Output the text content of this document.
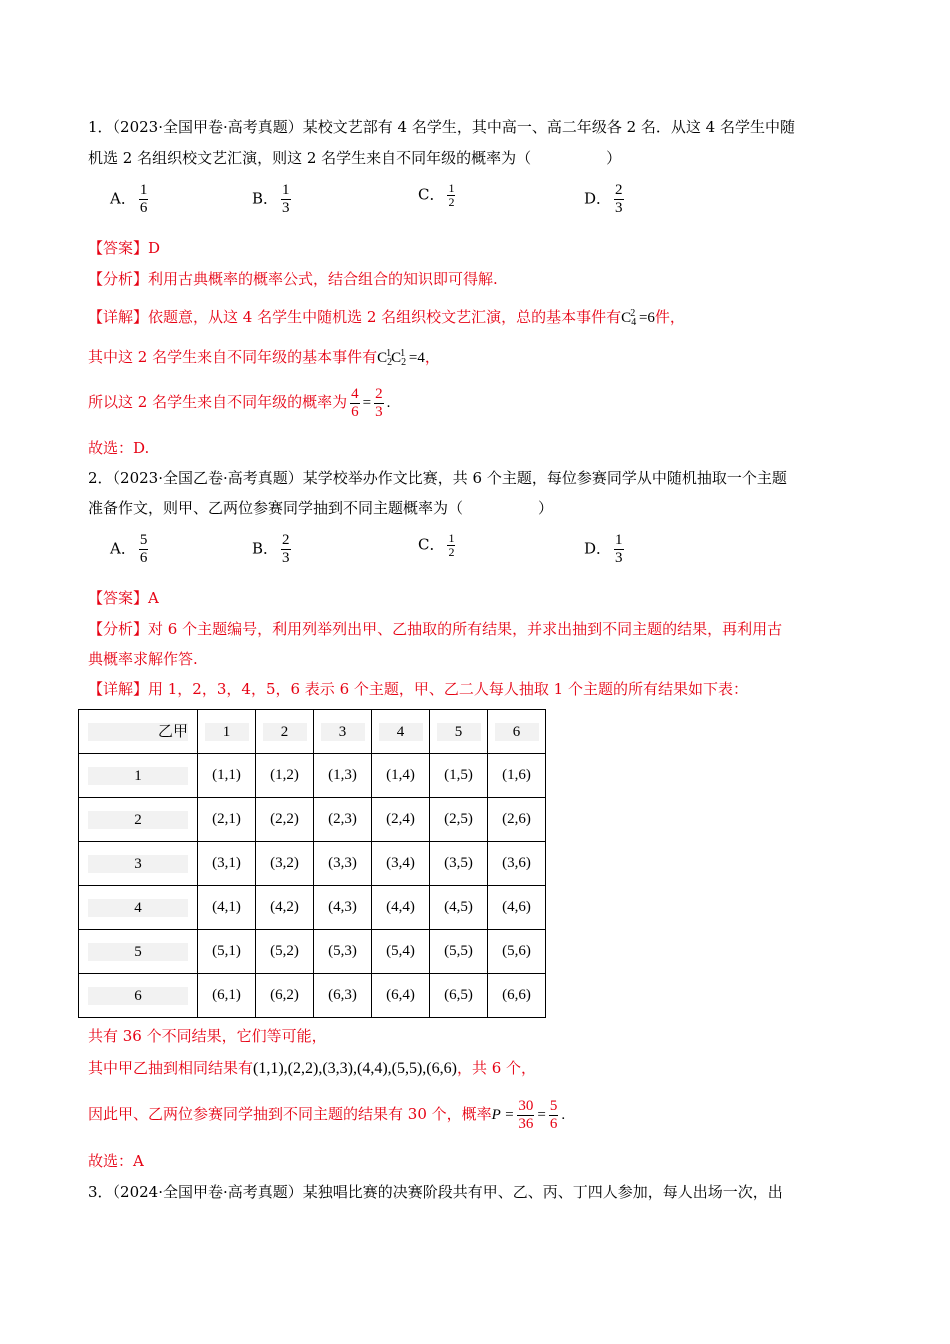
1．（2023·全国甲卷·高考真题）某校文艺部有 4 名学生，其中高一、高二年级各 2 名．从这 4 名学生中随
机选 2 名组织校文艺汇演，则这 2 名学生来自不同年级的概率为（　　　　　）
A． $\frac{1}{6}$	B． $\frac{1}{3}$	C． $\frac{1}{2}$	D． $\frac{2}{3}$
【答案】D
【分析】利用古典概率的概率公式，结合组合的知识即可得解.
【详解】依题意，从这 4 名学生中随机选 2 名组织校文艺汇演，总的基本事件有$C_4^2 =6$件，
其中这 2 名学生来自不同年级的基本事件有$C_2^1C_2^1 =4$，
所以这 2 名学生来自不同年级的概率为 $\frac{4}{6} = \frac{2}{3}$ .
故选：D.
2．（2023·全国乙卷·高考真题）某学校举办作文比赛，共 6 个主题，每位参赛同学从中随机抽取一个主题
准备作文，则甲、乙两位参赛同学抽到不同主题概率为（　　　　　）
A． $\frac{5}{6}$	B． $\frac{2}{3}$	C． $\frac{1}{2}$	D． $\frac{1}{3}$
【答案】A
【分析】对 6 个主题编号，利用列举列出甲、乙抽取的所有结果，并求出抽到不同主题的结果，再利用古
典概率求解作答.
【详解】用 1，2，3，4，5，6 表示 6 个主题，甲、乙二人每人抽取 1 个主题的所有结果如下表：
乙甲	1	2	3	4	5	6
1	(1,1)	(1,2)	(1,3)	(1,4)	(1,5)	(1,6)
2	(2,1)	(2,2)	(2,3)	(2,4)	(2,5)	(2,6)
3	(3,1)	(3,2)	(3,3)	(3,4)	(3,5)	(3,6)
4	(4,1)	(4,2)	(4,3)	(4,4)	(4,5)	(4,6)
5	(5,1)	(5,2)	(5,3)	(5,4)	(5,5)	(5,6)
6	(6,1)	(6,2)	(6,3)	(6,4)	(6,5)	(6,6)
共有 36 个不同结果，它们等可能，
其中甲乙抽到相同结果有(1,1),(2,2),(3,3),(4,4),(5,5),(6,6)，共 6 个，
因此甲、乙两位参赛同学抽到不同主题的结果有 30 个，概率$P = \frac{30}{36} = \frac{5}{6}$ .
故选：A
3．（2024·全国甲卷·高考真题）某独唱比赛的决赛阶段共有甲、乙、丙、丁四人参加，每人出场一次，出
